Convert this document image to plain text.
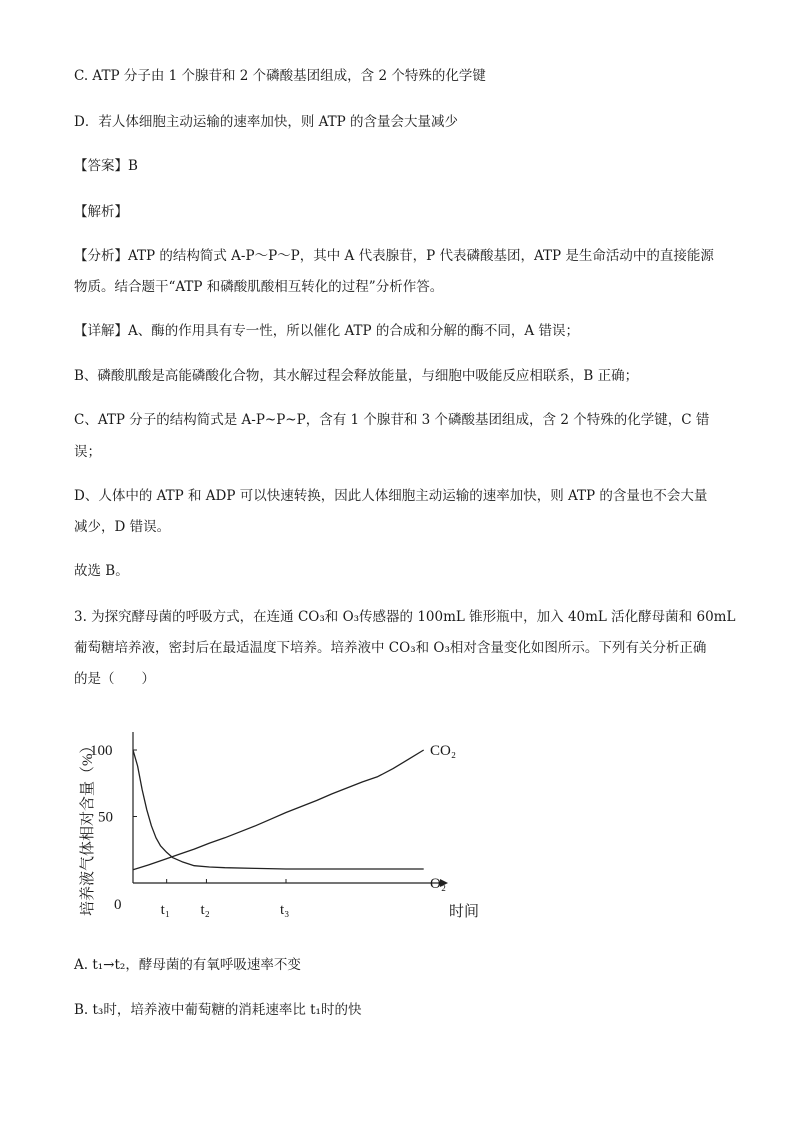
C. ATP 分子由 1 个腺苷和 2 个磷酸基团组成，含 2 个特殊的化学键
D．若人体细胞主动运输的速率加快，则 ATP 的含量会大量减少
【答案】B
【解析】
【分析】ATP 的结构简式 A-P～P～P，其中 A 代表腺苷，P 代表磷酸基团，ATP 是生命活动中的直接能源
物质。结合题干“ATP 和磷酸肌酸相互转化的过程”分析作答。
【详解】A、酶的作用具有专一性，所以催化 ATP 的合成和分解的酶不同，A 错误；
B、磷酸肌酸是高能磷酸化合物，其水解过程会释放能量，与细胞中吸能反应相联系，B 正确；
C、ATP 分子的结构简式是 A-P~P~P，含有 1 个腺苷和 3 个磷酸基团组成，含 2 个特殊的化学键，C 错
误；
D、人体中的 ATP 和 ADP 可以快速转换，因此人体细胞主动运输的速率加快，则 ATP 的含量也不会大量
减少，D 错误。
故选 B。
3. 为探究酵母菌的呼吸方式，在连通 CO₃和 O₃传感器的 100mL 锥形瓶中，加入 40mL 活化酵母菌和 60mL
葡萄糖培养液，密封后在最适温度下培养。培养液中 CO₃和 O₃相对含量变化如图所示。下列有关分析正确
的是（　　）
100
50
0	t₁ t₂	t₃
CO₂
O₂
时间
培养液气体相对含量（%）
A. t₁→t₂，酵母菌的有氧呼吸速率不变
B. t₃时，培养液中葡萄糖的消耗速率比 t₁时的快
